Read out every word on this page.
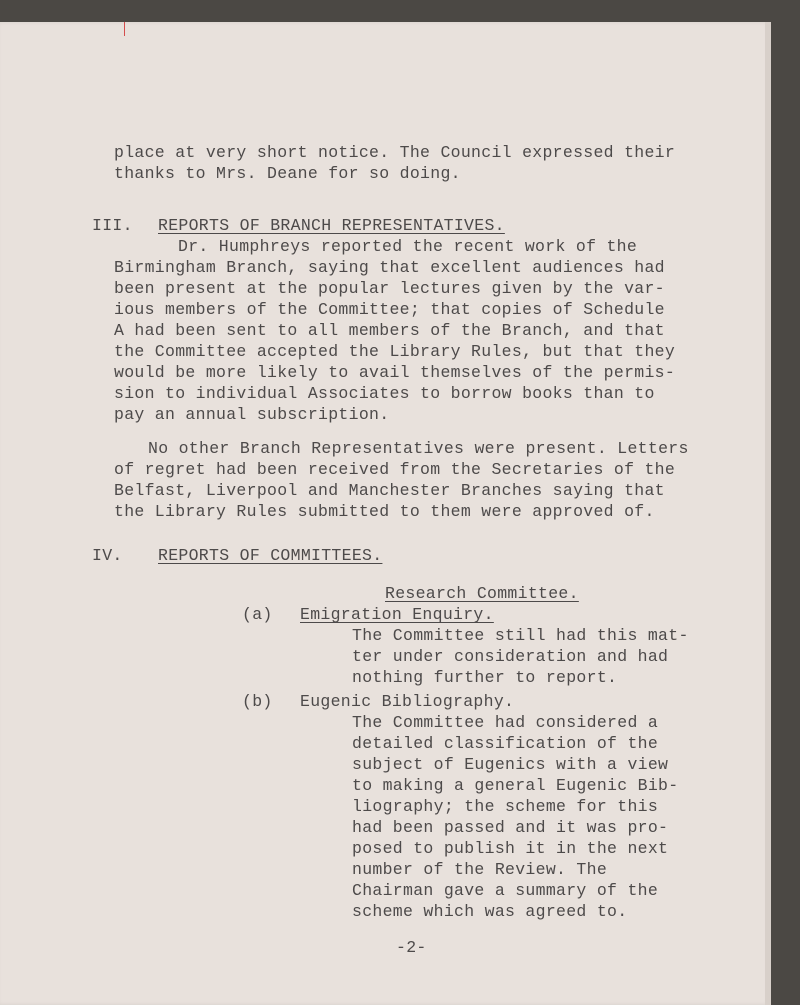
place at very short notice. The Council expressed their
thanks to Mrs. Deane for so doing.
III. REPORTS OF BRANCH REPRESENTATIVES.
Dr. Humphreys reported the recent work of the
Birmingham Branch, saying that excellent audiences had
been present at the popular lectures given by the var-
ious members of the Committee; that copies of Schedule
A had been sent to all members of the Branch, and that
the Committee accepted the Library Rules, but that they
would be more likely to avail themselves of the permis-
sion to individual Associates to borrow books than to
pay an annual subscription.
No other Branch Representatives were present. Letters
of regret had been received from the Secretaries of the
Belfast, Liverpool and Manchester Branches saying that
the Library Rules submitted to them were approved of.
IV. REPORTS OF COMMITTEES.
Research Committee.
(a) Emigration Enquiry.
The Committee still had this mat-
ter under consideration and had
nothing further to report.
(b) Eugenic Bibliography.
The Committee had considered a
detailed classification of the
subject of Eugenics with a view
to making a general Eugenic Bib-
liography; the scheme for this
had been passed and it was pro-
posed to publish it in the next
number of the Review. The
Chairman gave a summary of the
scheme which was agreed to.
-2-
